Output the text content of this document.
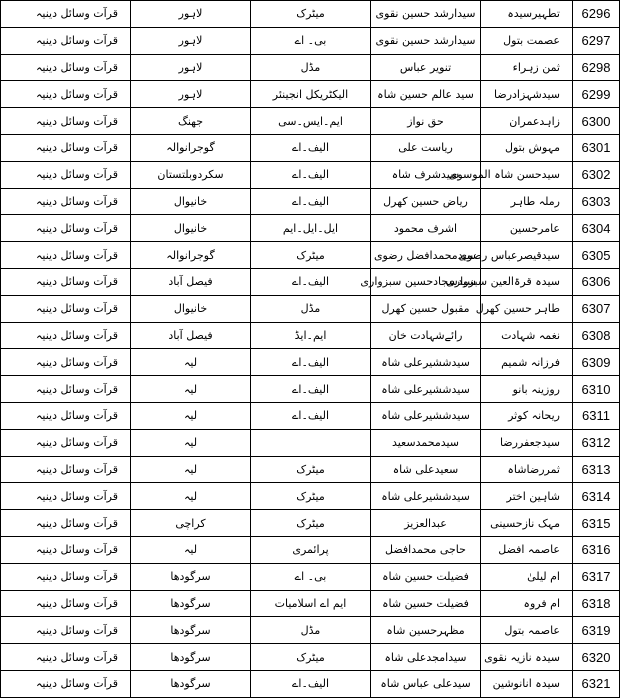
قرآت وسائل دینیہ	لاہور	میٹرک	سیدارشد حسین نقوی	تطہیرسیدہ	6296
قرآت وسائل دینیہ	لاہور	بی۔ اے	سیدارشد حسین نقوی	عصمت بتول	6297
قرآت وسائل دینیہ	لاہور	مڈل	تنویر عباس	ثمن زہراء	6298
قرآت وسائل دینیہ	لاہور	الیکٹریکل انجینئر	سید عالم حسین شاہ	سیدشہزادرضا	6299
قرآت وسائل دینیہ	جھنگ	ایم۔ایس۔سی	حق نواز	زاہدعمران	6300
قرآت وسائل دینیہ	گوجرانوالہ	الیف۔اے	ریاست علی	مہوش بتول	6301
قرآت وسائل دینیہ	سکردوبلتستان	الیف۔اے	سیدشرف شاہ	سیدحسن شاہ الموسوی	6302
قرآت وسائل دینیہ	خانیوال	الیف۔اے	ریاض حسین کھرل	رملہ طاہر	6303
قرآت وسائل دینیہ	خانیوال	ایل۔ایل۔ایم	اشرف محمود	عامرحسین	6304
قرآت وسائل دینیہ	گوجرانوالہ	میٹرک	سیدمحمدافضل رضوی	سیدقیصرعباس رضوی	6305
قرآت وسائل دینیہ	فیصل آباد	الیف۔اے	سیدسجادحسین سبزواری	سیدہ قرۃالعین سبزواری	6306
قرآت وسائل دینیہ	خانیوال	مڈل	مقبول حسین کھرل	طاہر حسین کھرل	6307
قرآت وسائل دینیہ	فیصل آباد	ایم۔ایڈ	رائےشہادت خان	نغمہ شہادت	6308
قرآت وسائل دینیہ	لیہ	الیف۔اے	سیدششیرعلی شاہ	فرزانہ شمیم	6309
قرآت وسائل دینیہ	لیہ	الیف۔اے	سیدششیرعلی شاہ	روزینہ بانو	6310
قرآت وسائل دینیہ	لیہ	الیف۔اے	سیدششیرعلی شاہ	ریحانہ کوثر	6311
قرآت وسائل دینیہ	لیہ		سیدمحمدسعید	سیدجعفررضا	6312
قرآت وسائل دینیہ	لیہ	میٹرک	سعیدعلی شاہ	ثمررضاشاہ	6313
قرآت وسائل دینیہ	لیہ	میٹرک	سیدششیرعلی شاہ	شاہین اختر	6314
قرآت وسائل دینیہ	کراچی	میٹرک	عبدالعزیز	مہک نازحسینی	6315
قرآت وسائل دینیہ	لیہ	پرائمری	حاجی محمدافضل	عاصمہ افضل	6316
قرآت وسائل دینیہ	سرگودھا	بی۔ اے	فضیلت حسین شاہ	ام لیلیٰ	6317
قرآت وسائل دینیہ	سرگودھا	ایم اے اسلامیات	فضیلت حسین شاہ	ام فروہ	6318
قرآت وسائل دینیہ	سرگودھا	مڈل	مظہرحسین شاہ	عاصمہ بتول	6319
قرآت وسائل دینیہ	سرگودھا	میٹرک	سیدامجدعلی شاہ	سیدہ نازیہ نقوی	6320
قرآت وسائل دینیہ	سرگودھا	الیف۔اے	سیدعلی عباس شاہ	سیدہ انانوشین	6321
